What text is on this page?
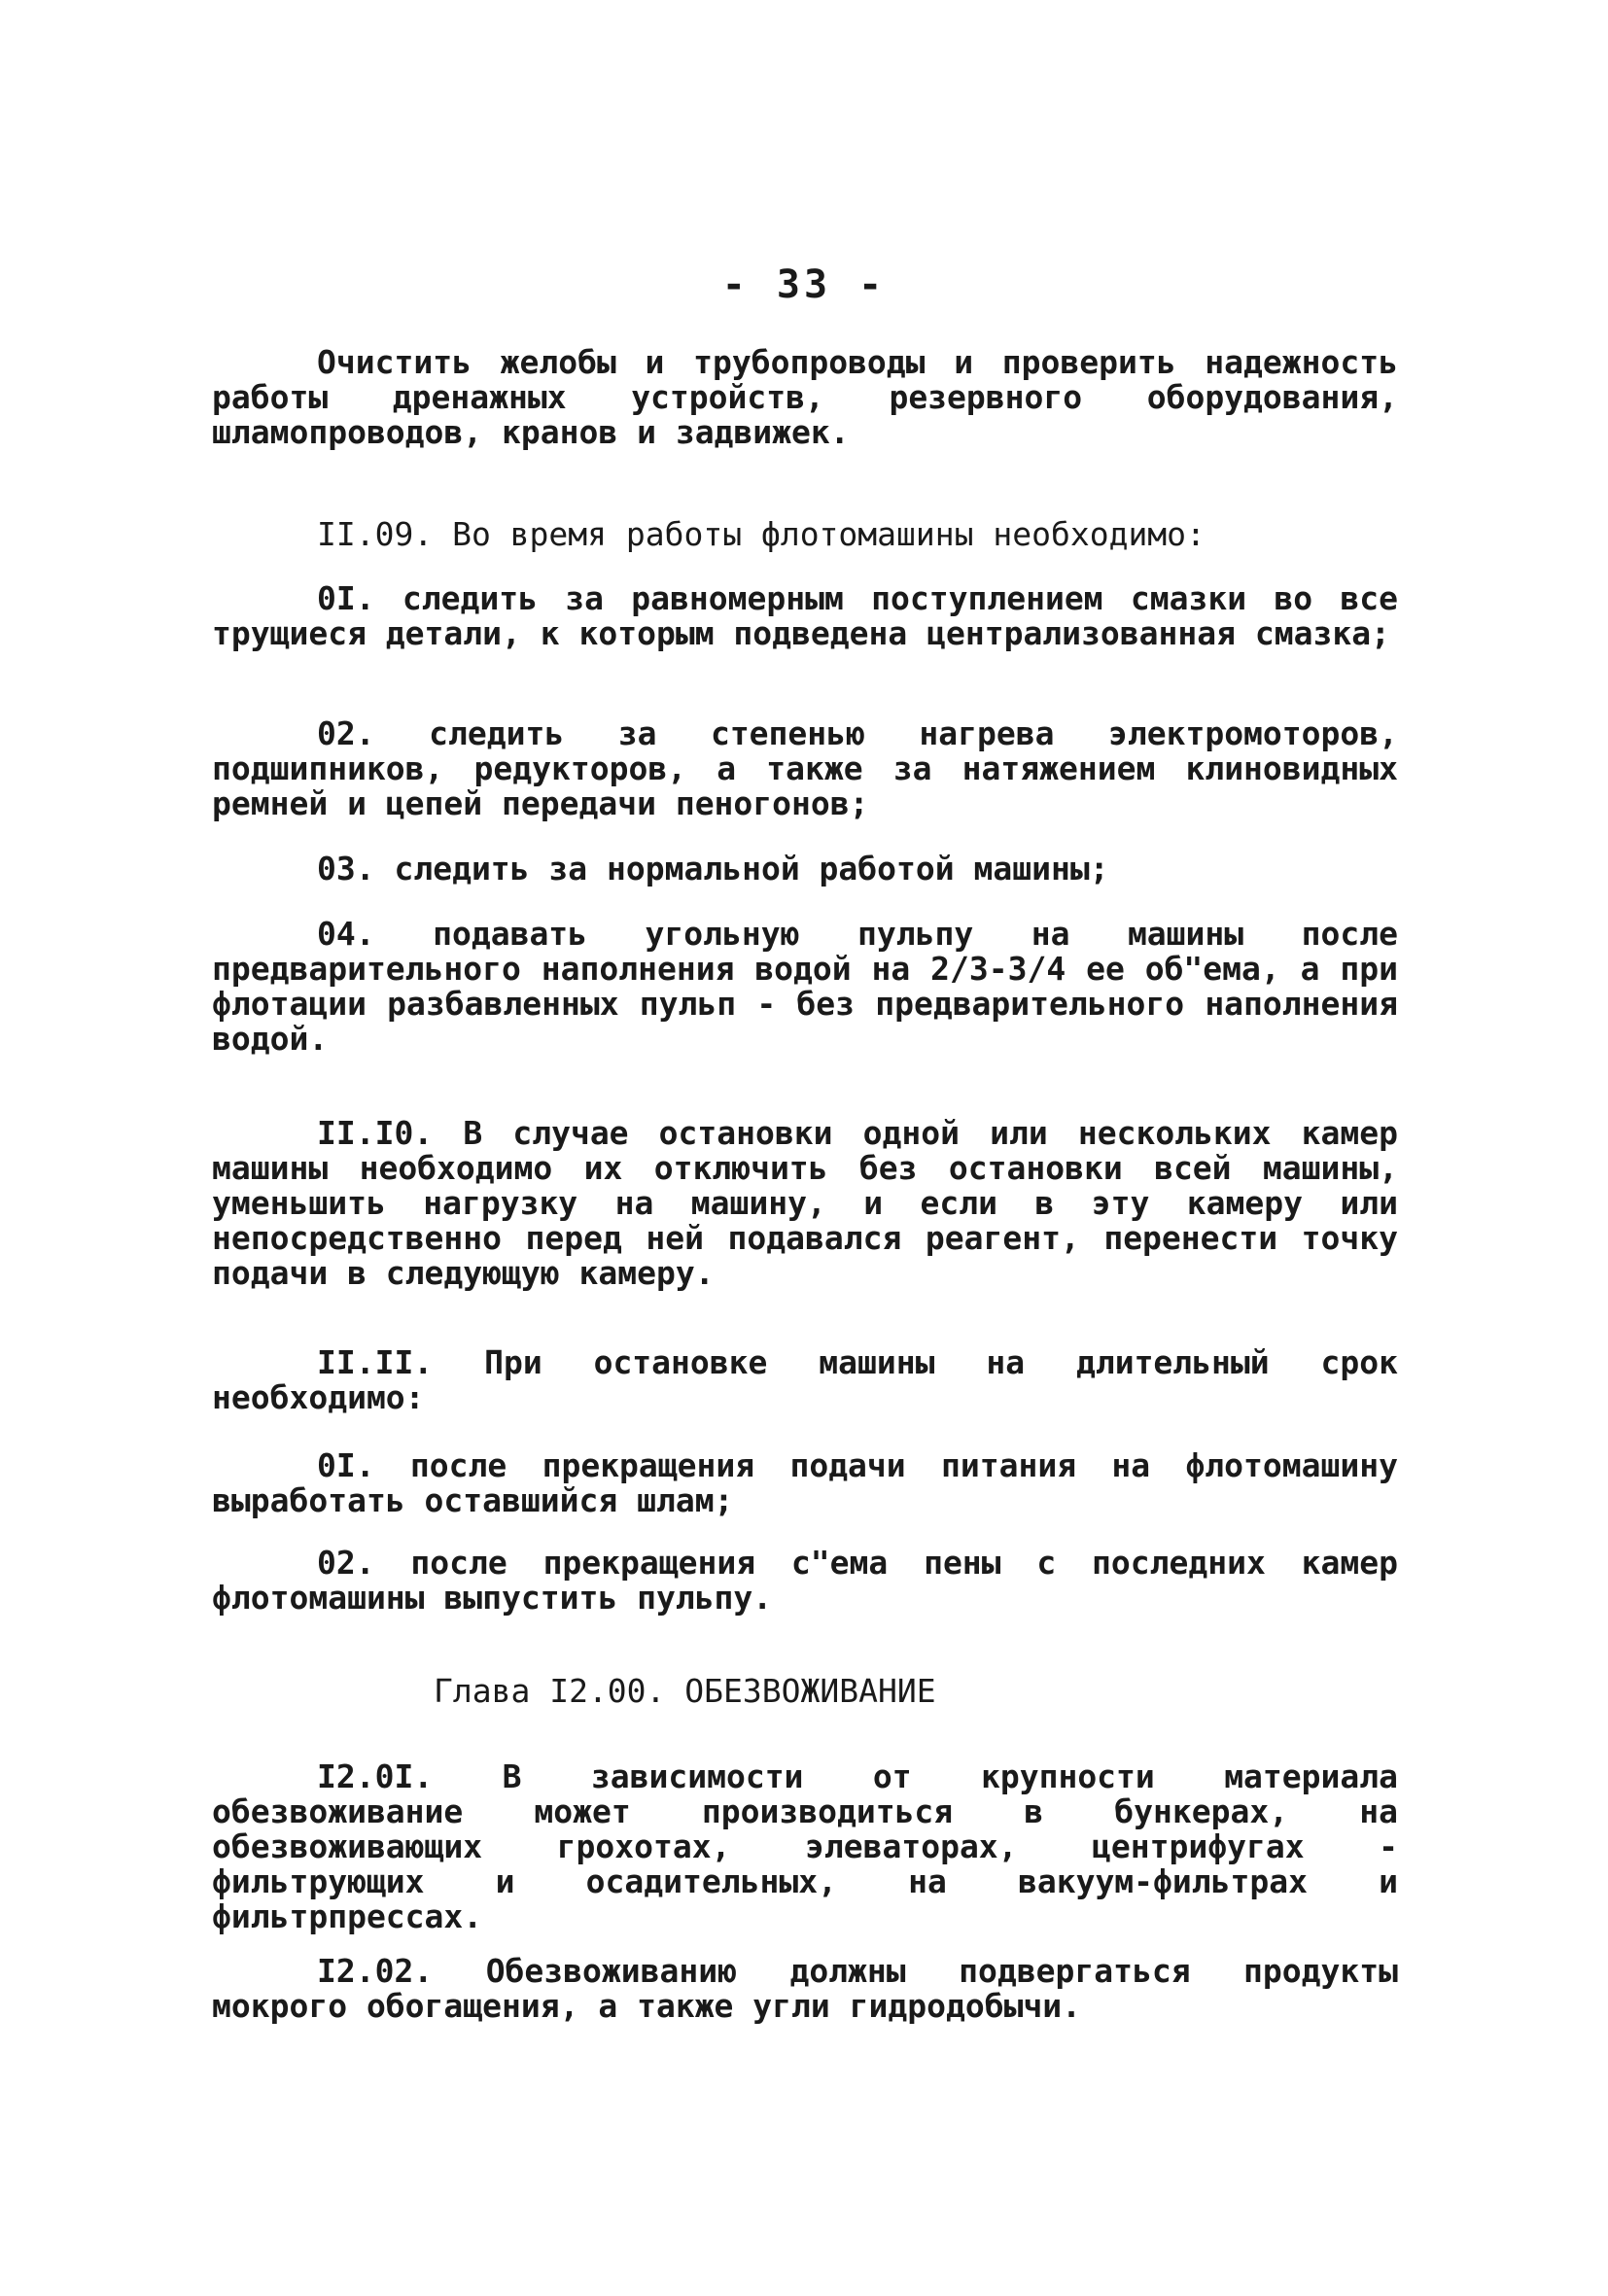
- 33 -

Очистить желобы и трубопроводы и проверить надежность работы дренажных устройств, резервного оборудования, шламопроводов, кранов и задвижек.

II.09. Во время работы флотомашины необходимо:

0I. следить за равномерным поступлением смазки во все трущиеся детали, к которым подведена централизованная смазка;

02. следить за степенью нагрева электромоторов, подшипников, редукторов, а также за натяжением клиновидных ремней и цепей передачи пеногонов;

03. следить за нормальной работой машины;

04. подавать угольную пульпу на машины после предварительного наполнения водой на 2/3-3/4 ее об"ема, а при флотации разбавленных пульп - без предварительного наполнения водой.

II.I0. В случае остановки одной или нескольких камер машины необходимо их отключить без остановки всей машины, уменьшить нагрузку на машину, и если в эту камеру или непосредственно перед ней подавался реагент, перенести точку подачи в следующую камеру.

II.II. При остановке машины на длительный срок необходимо:

0I. после прекращения подачи питания на флотомашину выработать оставшийся шлам;

02. после прекращения с"ема пены с последних камер флотомашины выпустить пульпу.

Глава I2.00. ОБЕЗВОЖИВАНИЕ

I2.0I. В зависимости от крупности материала обезвоживание может производиться в бункерах, на обезвоживающих грохотах, элеваторах, центрифугах - фильтрующих и осадительных, на вакуум-фильтрах и фильтрпрессах.

I2.02. Обезвоживанию должны подвергаться продукты мокрого обогащения, а также угли гидродобычи.
